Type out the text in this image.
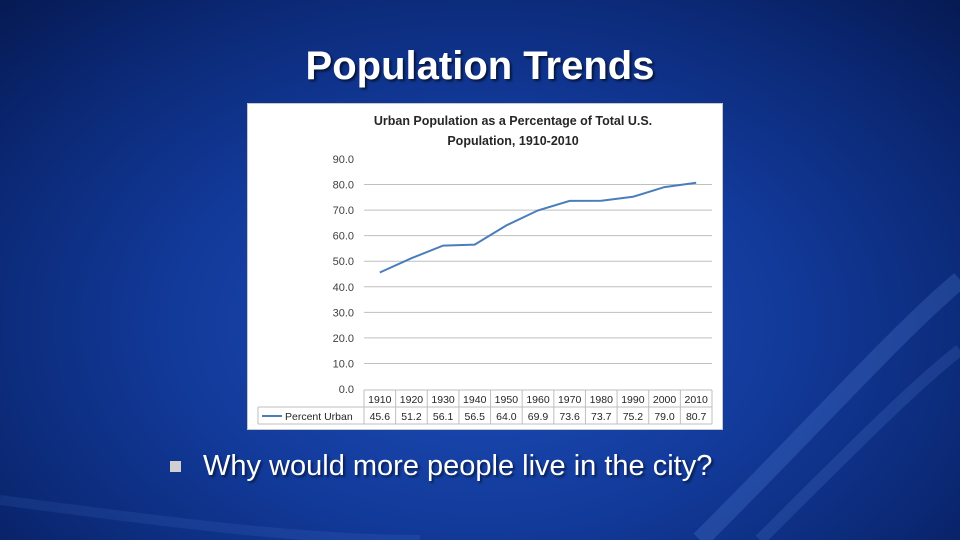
Population Trends
Urban Population as a Percentage of Total U.S.
Population, 1910-2010
0.0
10.0
20.0
30.0
40.0
50.0
60.0
70.0
80.0
90.0
1910 1920 1930 1940 1950 1960 1970 1980 1990 2000 2010
45.6 51.2 56.1 56.5 64.0 69.9 73.6 73.7 75.2 79.0 80.7
Percent Urban
Why would more people live in the city?
